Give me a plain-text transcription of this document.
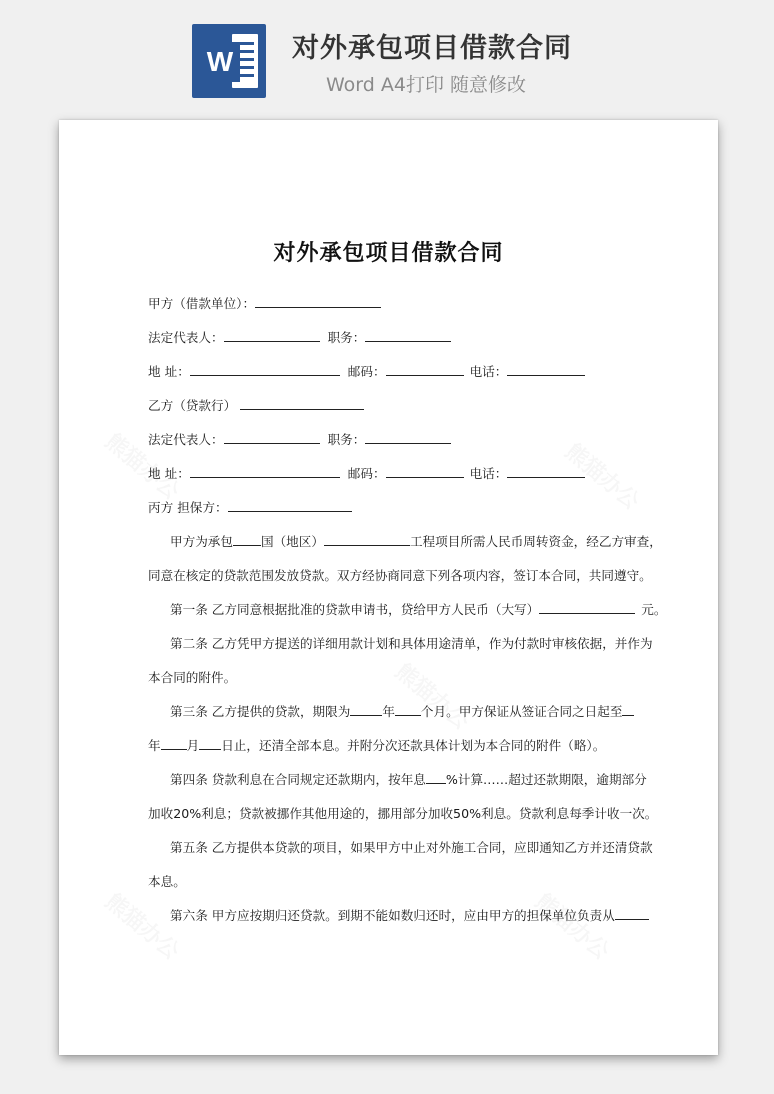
W 对外承包项目借款合同
Word A4打印 随意修改
对外承包项目借款合同
甲方（借款单位）：
法定代表人：	职务：
地 址：	邮码：	电话：
乙方（贷款行）
法定代表人：	职务：
地 址：	邮码：	电话：
丙方 担保方：
甲方为承包 国（地区）	工程项目所需人民币周转资金，经乙方审查，
同意在核定的贷款范围发放贷款。双方经协商同意下列各项内容，签订本合同，共同遵守。
第一条 乙方同意根据批准的贷款申请书，贷给甲方人民币（大写）	元。
第二条 乙方凭甲方提送的详细用款计划和具体用途清单，作为付款时审核依据，并作为
本合同的附件。
第三条 乙方提供的贷款，期限为	年 个月。甲方保证从签证合同之日起至
年 月 日止，还清全部本息。并附分次还款具体计划为本合同的附件（略）。
第四条 贷款利息在合同规定还款期内，按年息 %计算……超过还款期限，逾期部分
加收20%利息；贷款被挪作其他用途的，挪用部分加收50%利息。贷款利息每季计收一次。
第五条 乙方提供本贷款的项目，如果甲方中止对外施工合同，应即通知乙方并还清贷款
本息。
第六条 甲方应按期归还贷款。到期不能如数归还时，应由甲方的担保单位负责从
